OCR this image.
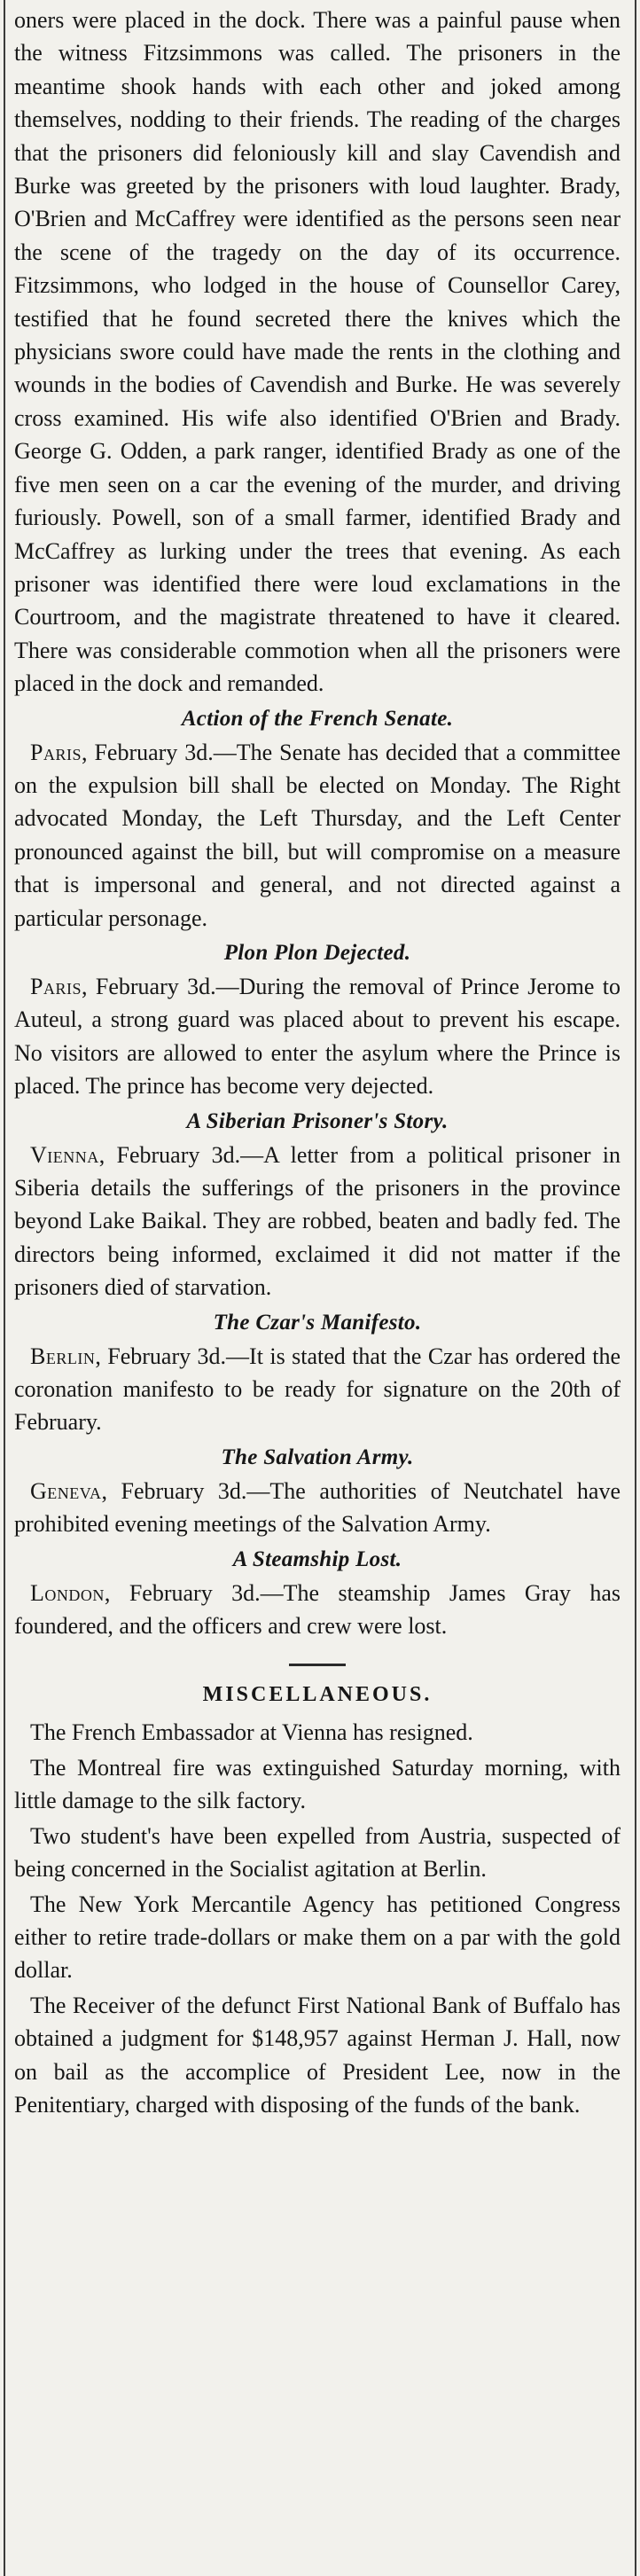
oners were placed in the dock. There was a painful pause when the witness Fitzsimmons was called. The prisoners in the meantime shook hands with each other and joked among themselves, nodding to their friends. The reading of the charges that the prisoners did feloniously kill and slay Cavendish and Burke was greeted by the prisoners with loud laughter. Brady, O'Brien and McCaffrey were identified as the persons seen near the scene of the tragedy on the day of its occurrence. Fitzsimmons, who lodged in the house of Counsellor Carey, testified that he found secreted there the knives which the physicians swore could have made the rents in the clothing and wounds in the bodies of Cavendish and Burke. He was severely cross examined. His wife also identified O'Brien and Brady. George G. Odden, a park ranger, identified Brady as one of the five men seen on a car the evening of the murder, and driving furiously. Powell, son of a small farmer, identified Brady and McCaffrey as lurking under the trees that evening. As each prisoner was identified there were loud exclamations in the Courtroom, and the magistrate threatened to have it cleared. There was considerable commotion when all the prisoners were placed in the dock and remanded.

Action of the French Senate.

Paris, February 3d.—The Senate has decided that a committee on the expulsion bill shall be elected on Monday. The Right advocated Monday, the Left Thursday, and the Left Center pronounced against the bill, but will compromise on a measure that is impersonal and general, and not directed against a particular personage.

Plon Plon Dejected.

Paris, February 3d.—During the removal of Prince Jerome to Auteul, a strong guard was placed about to prevent his escape. No visitors are allowed to enter the asylum where the Prince is placed. The prince has become very dejected.

A Siberian Prisoner's Story.

Vienna, February 3d.—A letter from a political prisoner in Siberia details the sufferings of the prisoners in the province beyond Lake Baikal. They are robbed, beaten and badly fed. The directors being informed, exclaimed it did not matter if the prisoners died of starvation.

The Czar's Manifesto.

Berlin, February 3d.—It is stated that the Czar has ordered the coronation manifesto to be ready for signature on the 20th of February.

The Salvation Army.

Geneva, February 3d.—The authorities of Neutchatel have prohibited evening meetings of the Salvation Army.

A Steamship Lost.

London, February 3d.—The steamship James Gray has foundered, and the officers and crew were lost.

MISCELLANEOUS.

The French Embassador at Vienna has resigned.

The Montreal fire was extinguished Saturday morning, with little damage to the silk factory.

Two student's have been expelled from Austria, suspected of being concerned in the Socialist agitation at Berlin.

The New York Mercantile Agency has petitioned Congress either to retire trade-dollars or make them on a par with the gold dollar.

The Receiver of the defunct First National Bank of Buffalo has obtained a judgment for $148,957 against Herman J. Hall, now on bail as the accomplice of President Lee, now in the Penitentiary, charged with disposing of the funds of the bank.
